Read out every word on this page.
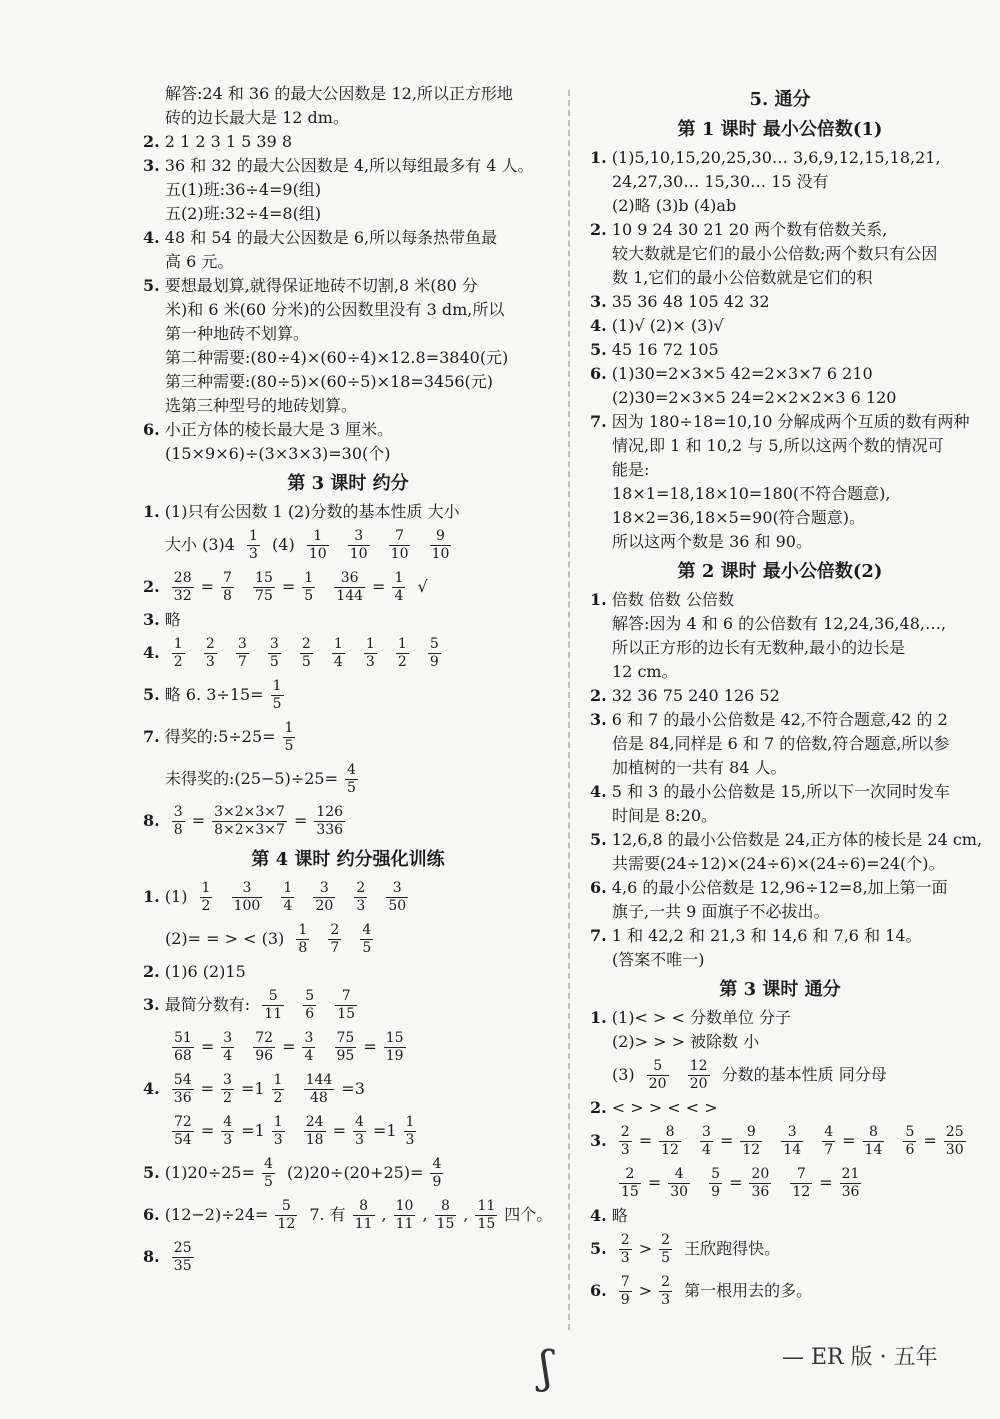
解答:24 和 36 的最大公因数是 12,所以正方形地
砖的边长最大是 12 dm。
2. 2 1 2 3 1 5 39 8
3. 36 和 32 的最大公因数是 4,所以每组最多有 4 人。
五(1)班:36÷4=9(组)
五(2)班:32÷4=8(组)
4. 48 和 54 的最大公因数是 6,所以每条热带鱼最
高 6 元。
5. 要想最划算,就得保证地砖不切割,8 米(80 分
米)和 6 米(60 分米)的公因数里没有 3 dm,所以
第一种地砖不划算。
第二种需要:(80÷4)×(60÷4)×12.8=3840(元)
第三种需要:(80÷5)×(60÷5)×18=3456(元)
选第三种型号的地砖划算。
6. 小正方体的棱长最大是 3 厘米。
(15×9×6)÷(3×3×3)=30(个)
第 3 课时 约分
1. (1)只有公因数 1 (2)分数的基本性质 大小
大小 $(3)4 \frac{1}{3} (4) \frac{1}{10}$
$\frac{3}{10}$
$\frac{7}{10}$
$\frac{9}{10}$
2. $\frac{28}{32} = \frac{7}{8}$
$\frac{15}{75} = \frac{1}{5}$
$\frac{36}{144} = \frac{1}{4}$ √
3. 略
4. $\frac{1}{2}$
$\frac{2}{3}$
$\frac{3}{7}$
$\frac{3}{5}$
$\frac{2}{5}$
$\frac{1}{4}$
$\frac{1}{3}$
$\frac{1}{2}$
$\frac{5}{9}$
5. 略 6. $3\div 15= \frac{1}{5}$
7. 得奖的:5÷25= $\frac{1}{5}$
未得奖的:(25−5)÷25= $\frac{4}{5}$
8. $\frac{3}{8} = \frac{3\times 2\times 3\times 7}{8\times 2\times 3\times 7} = \frac{126}{336}$
第 4 课时 约分强化训练
1. $(1) \frac{1}{2}$
$\frac{3}{100}$
$\frac{1}{4}$
$\frac{3}{20}$
$\frac{2}{3}$
$\frac{3}{50}$
(2)= = > < $(3) \frac{1}{8}$
$\frac{2}{7}$
$\frac{4}{5}$
2. (1)6 (2)15
3. 最简分数有: $\frac{5}{11}$
$\frac{5}{6}$
$\frac{7}{15}$
$\frac{51}{68} = \frac{3}{4}$
$\frac{72}{96} = \frac{3}{4}$
$\frac{75}{95} = \frac{15}{19}$
4. $\frac{54}{36} = \frac{3}{2} =1 \frac{1}{2}$
$\frac{144}{48} =3$
$\frac{72}{54} = \frac{4}{3} =1 \frac{1}{3}$
$\frac{24}{18} = \frac{4}{3} =1 \frac{1}{3}$
5. $(1)20\div 25= \frac{4}{5} (2)20\div(20+25)= \frac{4}{9}$
6. $(12-2)\div 24= \frac{5}{12} 7$. 有 $\frac{8}{11}$ , $\frac{10}{11}$ , $\frac{8}{15}$ , $\frac{11}{15}$ 四个。
8. $\frac{25}{35}$
5. 通分
第 1 课时 最小公倍数(1)
1. (1)5,10,15,20,25,30… 3,6,9,12,15,18,21,
24,27,30… 15,30… 15 没有
(2)略 (3)b (4)ab
2. 10 9 24 30 21 20 两个数有倍数关系,
较大数就是它们的最小公倍数;两个数只有公因
数 1,它们的最小公倍数就是它们的积
3. 35 36 48 105 42 32
4. (1)√ (2)× (3)√
5. 45 16 72 105
6. (1)30=2×3×5 42=2×3×7 6 210
(2)30=2×3×5 24=2×2×2×3 6 120
7. 因为 180÷18=10,10 分解成两个互质的数有两种
情况,即 1 和 10,2 与 5,所以这两个数的情况可
能是:
18×1=18,18×10=180(不符合题意),
18×2=36,18×5=90(符合题意)。
所以这两个数是 36 和 90。
第 2 课时 最小公倍数(2)
1. 倍数 倍数 公倍数
解答:因为 4 和 6 的公倍数有 12,24,36,48,…,
所以正方形的边长有无数种,最小的边长是
12 cm。
2. 32 36 75 240 126 52
3. 6 和 7 的最小公倍数是 42,不符合题意,42 的 2
倍是 84,同样是 6 和 7 的倍数,符合题意,所以参
加植树的一共有 84 人。
4. 5 和 3 的最小公倍数是 15,所以下一次同时发车
时间是 8:20。
5. 12,6,8 的最小公倍数是 24,正方体的棱长是 24 cm,
共需要(24÷12)×(24÷6)×(24÷6)=24(个)。
6. 4,6 的最小公倍数是 12,96÷12=8,加上第一面
旗子,一共 9 面旗子不必拔出。
7. 1 和 42,2 和 21,3 和 14,6 和 7,6 和 14。
(答案不唯一)
第 3 课时 通分
1. (1)< > < 分数单位 分子
(2)> > > 被除数 小
$(3) \frac{5}{20}$
$\frac{12}{20}$ 分数的基本性质 同分母
2. < > > < < >
3. $\frac{2}{3} = \frac{8}{12}$
$\frac{3}{4} = \frac{9}{12}$
$\frac{3}{14}$
$\frac{4}{7} = \frac{8}{14}$
$\frac{5}{6} = \frac{25}{30}$
$\frac{2}{15} = \frac{4}{30}$
$\frac{5}{9} = \frac{20}{36}$
$\frac{7}{12} = \frac{21}{36}$
4. 略
5. $\frac{2}{3} > \frac{2}{5}$ 王欣跑得快。
6. $\frac{7}{9} > \frac{2}{3}$ 第一根用去的多。
ʃ	— ER 版 · 五年
